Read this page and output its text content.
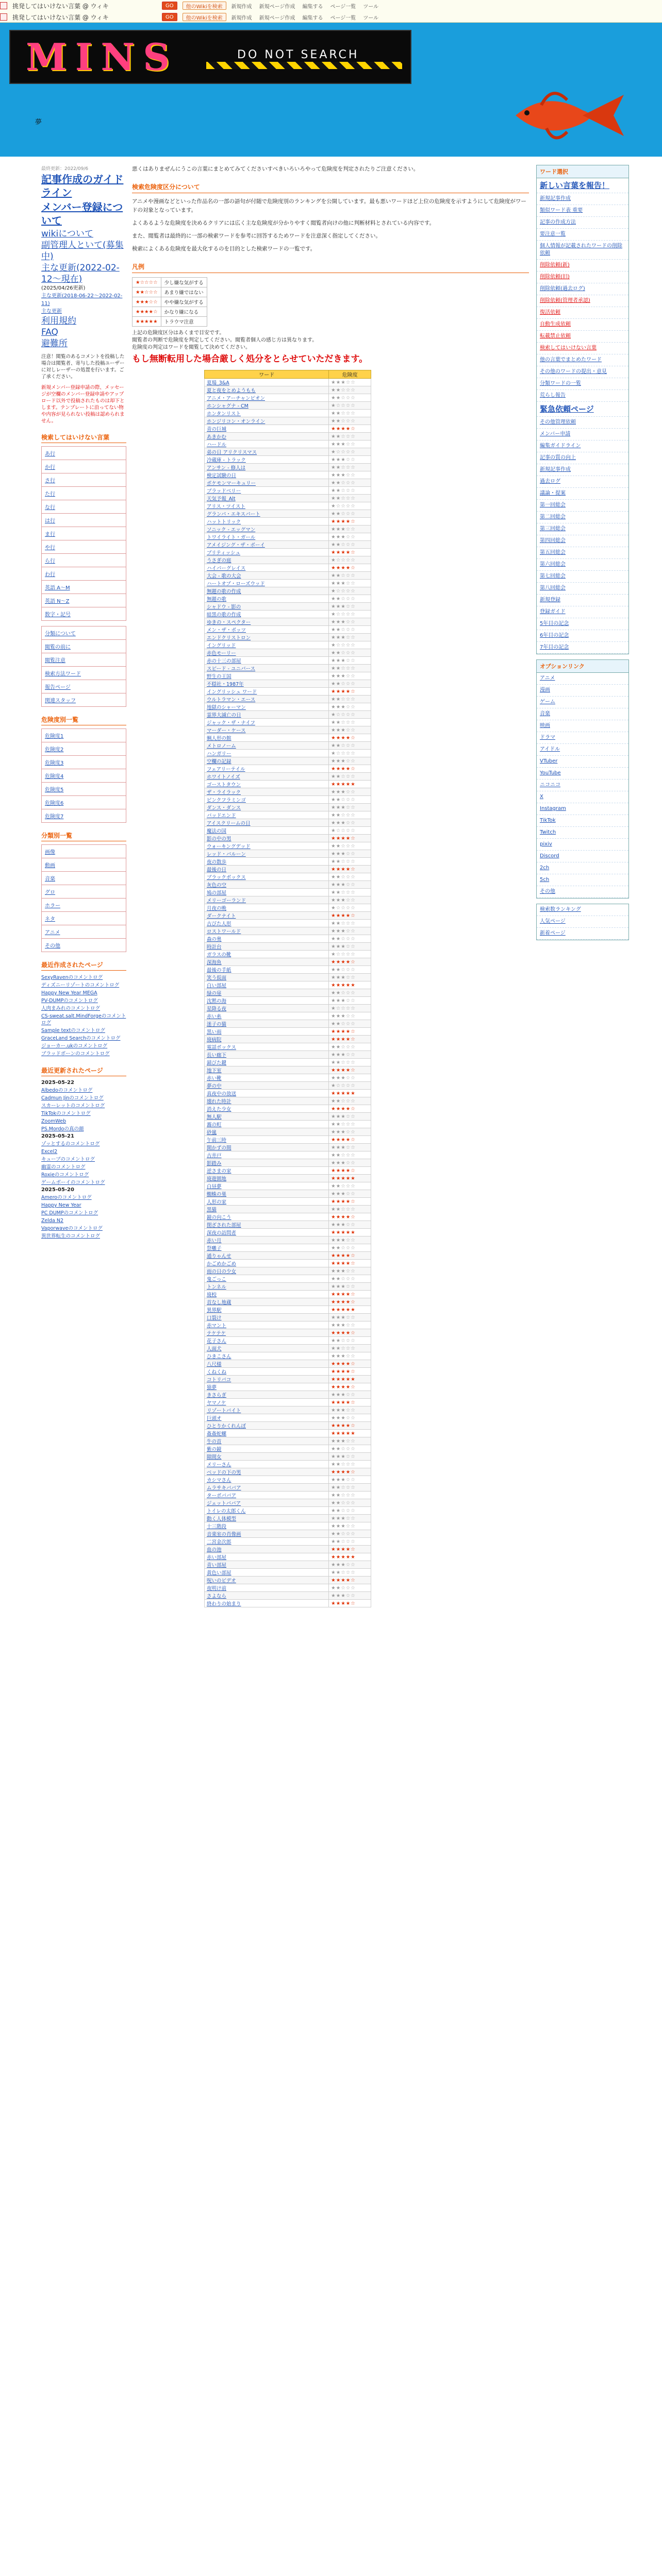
挑発してはいけない言葉 @ ウィキ	GO	他のWikiを検索	新規作成 新規ページ作成 編集する ページ一覧 ツール
挑発してはいけない言葉 @ ウィキ	GO	他のWikiを検索	新規作成 新規ページ作成 編集する ページ一覧 ツール
MINS	DO NOT SEARCH
夢
最終更新：2022/09/6
記事作成のガイドライン
メンバー登録について
wikiについて
副管理人といて(募集中)
主な更新(2022-02-12～現在)
(2025/04/26更新)
主な更新(2018-06-22～2022-02-11)
主な更新
利用規約
FAQ
避難所
注意！閲覧のあるコメントを投稿した場合は閲覧者、寄与した投稿ユーザーに対しレーザーの処置を行います。ご了承ください。
新規メンバー登録申請の際、メッセージが空欄のメンバー登録申請やアップロード以外で投稿されたものは却下とします。テンプレートに沿ってない物や内容が見られない投稿は認められません。
検索してはいけない言葉
あ行
か行
さ行
た行
な行
は行
ま行
や行
ら行
わ行
英語 A～M
英語 N～Z
数字・記号
分類について
閲覧の前に
閲覧注意
検索方法ワード
報告ページ
関連スタッフ
危険度別一覧
危険度1
危険度2
危険度3
危険度4
危険度5
危険度6
危険度7
分類別一覧
画像
動画
音楽
グロ
ホラー
ネタ
アニメ
その他
最近作成されたページ
SexyRavenのコメントログ
ディズニーリゾートのコメントログ
Happy New Year MEGA
PV-DUMPのコメントログ
人肉まみれのコメントログ
CS-sweat.salt.MindForgeのコメントログ
Sample textのコメントログ
GraceLand Searchのコメントログ
ジョーカー.ukのコメントログ
ブラッドボーンのコメントログ
最近更新されたページ
2025-05-22
Albedoのコメントログ
Cadmun Jinのコメントログ
スカーレットのコメントログ
TikTokのコメントログ
ZoomWeb
PS.Mordoの真の顔
2025-05-21
ゾッとするのコメントログ
Excel2
キューブのコメントログ
幽霊のコメントログ
Roxieのコメントログ
ゲームボーイのコメントログ
2025-05-20
Ameroのコメントログ
Happy New Year
PC DUMPのコメントログ
Zelda N2
Vaporwaveのコメントログ
異世界転生のコメントログ
悪くはありまぜんにうこの言葉にまとめてみてくださいすべきいろいろやって危険度を判定されたりご注意ください。
検索危険度区分について
アニメや漫画などといった作品名の一部の語句が付随で危険度別のランキングを公開しています。最も悪いワードほど上位の危険度を示すようにして危険度がワードの対象となっています。
よくあるような危険度を決めるクリアには広く主な危険度が分かりやすく閲覧者向けの他に判断材料とされている内容です。
また、閲覧者は最終的に一部の検索ワードを参考に回答するためワードを注意深く指定してください。
検索によくある危険度を最大化するのを目的とした検索ワードの一覧です。
凡例
★☆☆☆☆	少し嫌な気がする
★★☆☆☆	あまり嫌ではない
★★★☆☆	やや嫌な気がする
★★★★☆	かなり嫌になる
★★★★★	トラウマ注意
上記の危険度区分はあくまで目安です。
閲覧者の判断で危険度を判定してください。閲覧者個人の感じ方は異なります。
危険度の判定はワードを閲覧して決めてください。
もし無断転用した場合厳しく処分をとらせていただきます。
ワード	危険度
夏場_3&A	★★★☆☆
夏と夜をとめようもも	★★☆☆☆
アニメ・アーチャンピオン	★★☆☆☆
ホンシャグナ - CM	★☆☆☆☆
ホンタンリスト	★★☆☆☆
ホンジリコン・オンライン	★★☆☆☆
青の巨城	★★★★☆
あきかむ	★★☆☆☆
ハードル	★★★☆☆
弟の日 アリクリスマス	★☆☆☆☆
冷蔵庫 - トラック	★★★☆☆
アンサン - 修人は	★★☆☆☆
検定試験の日	★★★☆☆
ポケモンマーキュリー	★★☆☆☆
ブラッドベリー	★★☆☆☆
天気予報_Alt	★★☆☆☆
アリス・ツイスト	★☆☆☆☆
グランパ・エキスパート	★★☆☆☆
ハットトリック	★★★★☆
ソニック - エッグマン	★★★☆☆
トワイライト・ガール	★★★☆☆
アメイジング・ザ・ボーイ	★★☆☆☆
ブリティッシュ	★★★★☆
うさぎの庭	★☆☆☆☆
ハイパーグレイス	★★★★☆
大会 - 歌の大会	★★☆☆☆
ハートオブ・ローズウッド	★★★☆☆
無題の歌の作成	★☆☆☆☆
無題の歌	★★☆☆☆
シャドウ - 影の	★★★☆☆
暗黒の歌の作成	★☆☆☆☆
ゆきの・スペクター	★★★☆☆
メン・ザ・ボッツ	★★☆☆☆
エンドクリストロン	★★★☆☆
イングリッド	★☆☆☆☆
赤色モーリー	★★☆☆☆
赤の十三の部屋	★★★☆☆
スピード - ユニバース	★★☆☆☆
野生の王国	★★★☆☆
不穏社・1987年	★★☆☆☆
イングリッシュ ワード	★★★★☆
ウルトラマン・エース	★★☆☆☆
地獄のシャーマン	★★★☆☆
霊界大滅亡の日	★☆☆☆☆
ジャック・ザ・ナイフ	★★☆☆☆
マーダー・ケース	★★★☆☆
蝋人形の館	★★★★☆
メトロノーム	★★☆☆☆
ハンガリー	★☆☆☆☆
空欄の記録	★★★☆☆
フェアリーテイル	★★★★☆
ホワイトノイズ	★★☆☆☆
ゴーストタウン	★★★★★
ザ・ライラック	★★★☆☆
ピンクフラミンゴ	★★☆☆☆
ダンス・ダンス	★★★☆☆
バッドエンド	★★☆☆☆
アイスクリームの日	★★★☆☆
魔法の国	★☆☆☆☆
影の中の男	★★★★☆
ウォーキングデッド	★★☆☆☆
レッド・バルーン	★★★☆☆
夜の散歩	★★☆☆☆
最後の日	★★★★☆
ブラックボックス	★★☆☆☆
灰色の空	★★★☆☆
鳩の部屋	★★☆☆☆
メリーゴーランド	★★★☆☆
月夜の晩	★☆☆☆☆
ダークナイト	★★★★☆
古びた人形	★★☆☆☆
ロストワールド	★★★☆☆
森の奥	★★☆☆☆
時計台	★★★☆☆
ガラスの靴	★☆☆☆☆
深海魚	★★★★☆
最後の手紙	★★☆☆☆
笑う仮面	★★★☆☆
白い部屋	★★★★★
緑の扉	★★☆☆☆
沈黙の海	★★★☆☆
星降る夜	★☆☆☆☆
赤い糸	★★★☆☆
迷子の猫	★★☆☆☆
黒い雨	★★★★☆
廃病院	★★★★☆
電話ボックス	★★☆☆☆
長い廊下	★★★☆☆
錆びた鍵	★★☆☆☆
地下室	★★★★☆
赤い靴	★★★☆☆
夢の中	★☆☆☆☆
真夜中の放送	★★★★★
壊れた時計	★★☆☆☆
消えた少女	★★★★☆
無人駅	★★★☆☆
霧の町	★★☆☆☆
砂嵐	★★★☆☆
午前三時	★★★★☆
開かずの間	★★★☆☆
古井戸	★★☆☆☆
影踏み	★★★☆☆
逆さまの家	★★★★☆
廃遊園地	★★★★★
白昼夢	★★☆☆☆
蜘蛛の巣	★★★☆☆
人形の家	★★★★☆
黒猫	★★☆☆☆
鏡の向こう	★★★★☆
閉ざされた部屋	★★★☆☆
深夜の訪問者	★★★★★
赤い月	★★★☆☆
祭囃子	★★☆☆☆
通りゃんせ	★★★★☆
かごめかごめ	★★★★☆
雨の日の少女	★★★☆☆
鬼ごっこ	★★☆☆☆
トンネル	★★★☆☆
廃校	★★★★☆
首なし地蔵	★★★★☆
異界駅	★★★★★
口裂け	★★★☆☆
赤マント	★★★☆☆
テケテケ	★★★★☆
花子さん	★★☆☆☆
人面犬	★★☆☆☆
ひきこさん	★★★☆☆
八尺様	★★★★☆
くねくね	★★★★☆
コトリバコ	★★★★★
猿夢	★★★★☆
きさらぎ	★★★☆☆
ヤマノケ	★★★★☆
リゾートバイト	★★★☆☆
巨頭オ	★★★☆☆
ひとりかくれんぼ	★★★★☆
姦姦蛇螺	★★★★★
牛の首	★★★☆☆
紫の鏡	★★☆☆☆
隙間女	★★★☆☆
メリーさん	★★☆☆☆
ベッドの下の男	★★★★☆
カシマさん	★★★☆☆
ムラサキババア	★★☆☆☆
ターボババア	★★☆☆☆
ジェットババア	★★☆☆☆
トイレの太郎くん	★★☆☆☆
動く人体模型	★★★☆☆
十三階段	★★★☆☆
音楽室の肖像画	★★☆☆☆
二宮金次郎	★★☆☆☆
血の池	★★★★☆
赤い部屋	★★★★★
青い部屋	★★★☆☆
黄色い部屋	★★☆☆☆
呪いのビデオ	★★★★☆
夜明け前	★★☆☆☆
さよなら	★★★☆☆
終わりの始まり	★★★★☆
ワード選択
新しい言葉を報告！
新規記事作成
類似ワード表 重要
記事の作成方法
要注意一覧
個人情報が記載されたワードの削除依頼
削除依頼(新)
削除依頼(旧)
削除依頼(過去ログ)
削除依頼(管理者承認)
復活依頼
自動生成依頼
転載禁止依頼
検索してはいけない言葉
他の言葉でまとめたワード
その他のワードの提出・意見
分類ワードの一覧
荒らし報告
緊急依頼ページ
その他管理依頼
メンバー申請
編集ガイドライン
記事の質の向上
新規記事作成
過去ログ
議論・提案
第一回総会
第二回総会
第三回総会
第四回総会
第五回総会
第六回総会
第七回総会
第八回総会
新規登録
登録ガイド
5年目の記念
6年目の記念
7年目の記念
オプションリンク
アニメ
漫画
ゲーム
音楽
映画
ドラマ
アイドル
VTuber
YouTube
ニコニコ
X
Instagram
TikTok
Twitch
pixiv
Discord
2ch
5ch
その他
検索数ランキング
人気ページ
新着ページ
